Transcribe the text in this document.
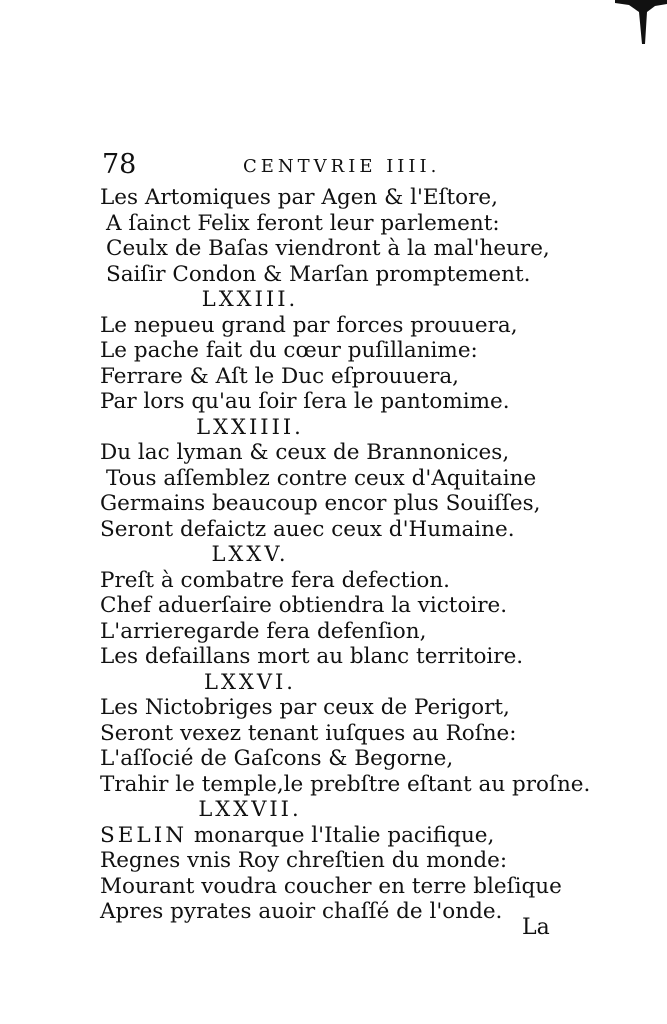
78	CENTVRIE IIII.
Les Artomiques par Agen & l'Eſtore,
A ſainct Felix feront leur parlement:
Ceulx de Baſas viendront à la mal'heure,
Saiſir Condon & Marſan promptement.
LXXIII.
Le nepueu grand par forces prouuera,
Le pache fait du cœur puſillanime:
Ferrare & Aſt le Duc eſprouuera,
Par lors qu'au ſoir ſera le pantomime.
LXXIIII.
Du lac lyman & ceux de Brannonices,
Tous aſſemblez contre ceux d'Aquitaine
Germains beaucoup encor plus Souiſſes,
Seront defaictz auec ceux d'Humaine.
LXXV.
Preſt à combatre fera defection.
Chef aduerſaire obtiendra la victoire.
L'arrieregarde fera defenſion,
Les defaillans mort au blanc territoire.
LXXVI.
Les Nictobriges par ceux de Perigort,
Seront vexez tenant iuſques au Roſne:
L'aſſocié de Gaſcons & Begorne,
Trahir le temple,le prebſtre eſtant au proſne.
LXXVII.
SELIN monarque l'Italie pacifique,
Regnes vnis Roy chreſtien du monde:
Mourant voudra coucher en terre bleſique
Apres pyrates auoir chaſſé de l'onde.
La
